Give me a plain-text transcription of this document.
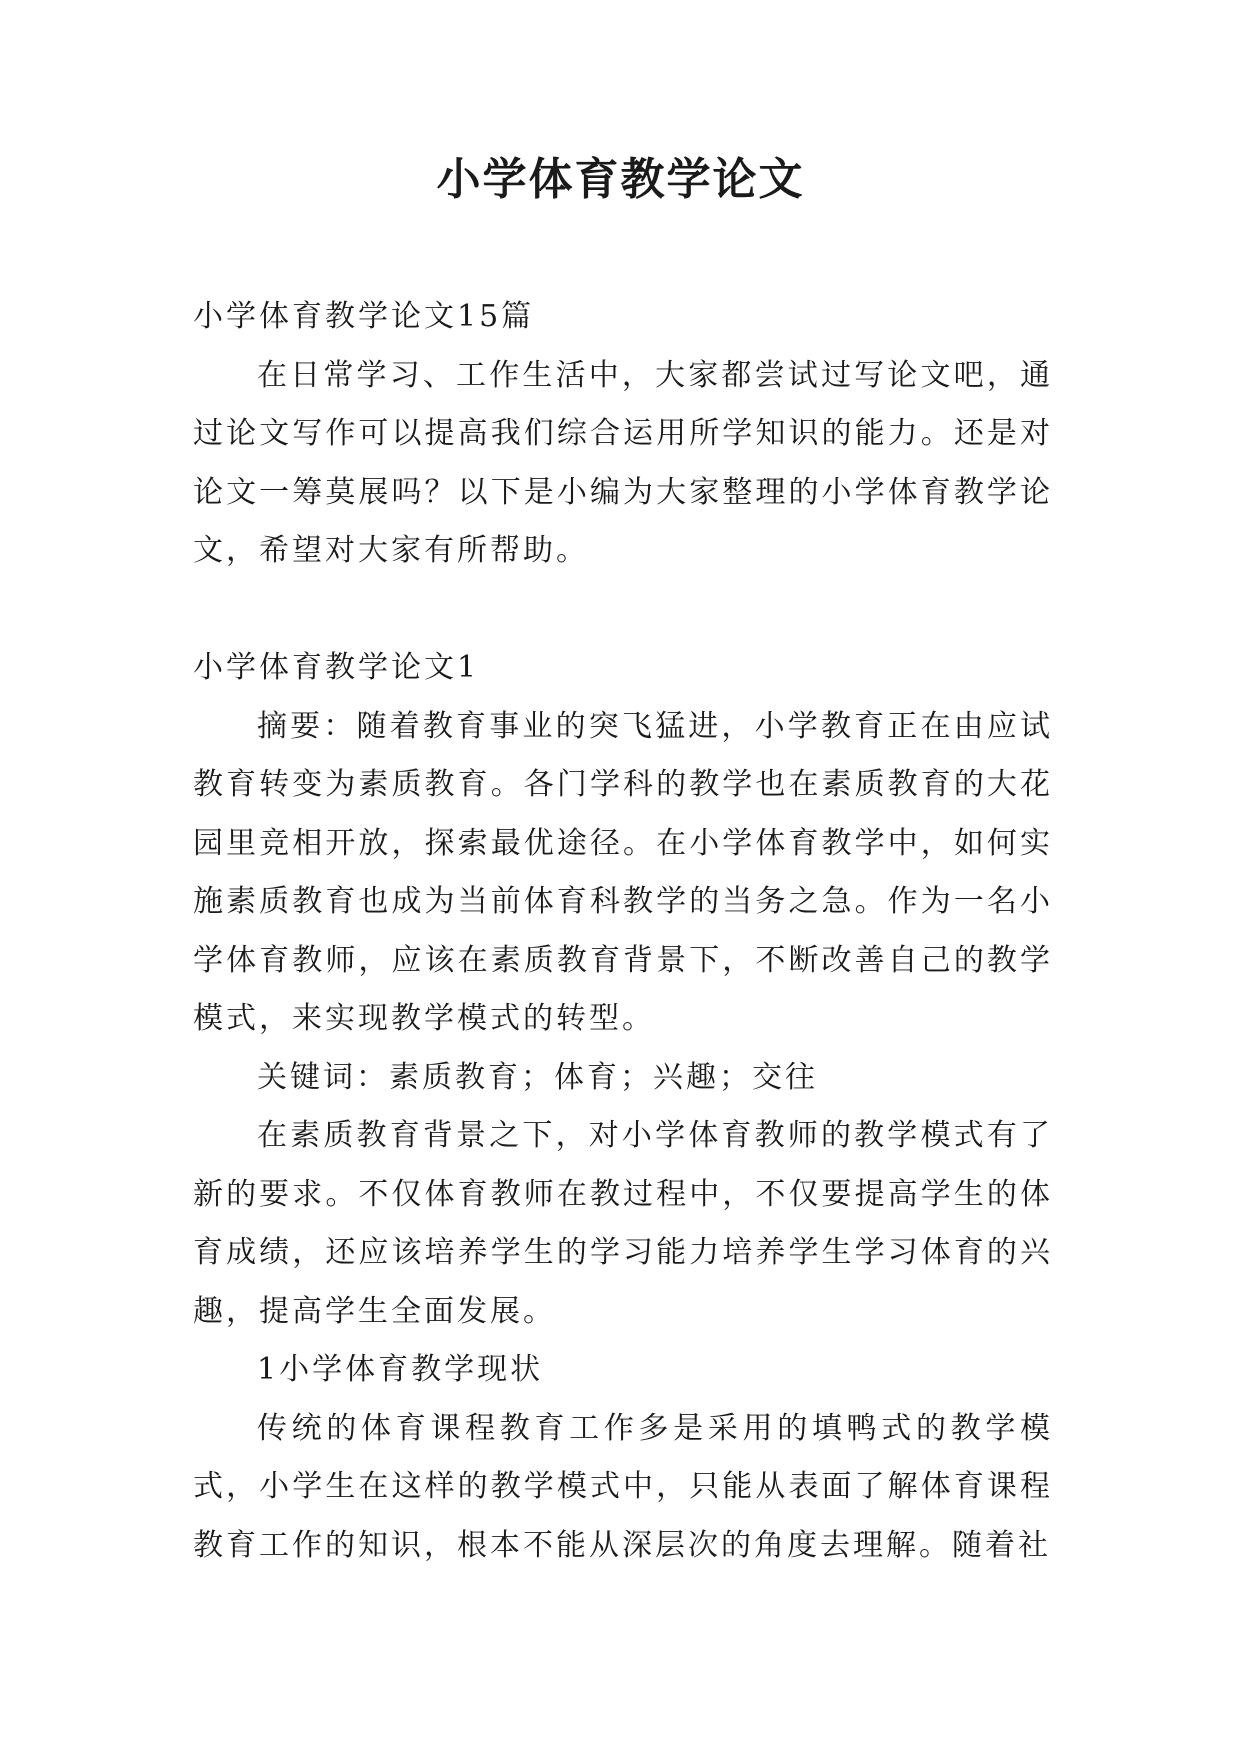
小学体育教学论文

小学体育教学论文15篇

在日常学习、工作生活中，大家都尝试过写论文吧，通过论文写作可以提高我们综合运用所学知识的能力。还是对论文一筹莫展吗？以下是小编为大家整理的小学体育教学论文，希望对大家有所帮助。

小学体育教学论文1

摘要：随着教育事业的突飞猛进，小学教育正在由应试教育转变为素质教育。各门学科的教学也在素质教育的大花园里竞相开放，探索最优途径。在小学体育教学中，如何实施素质教育也成为当前体育科教学的当务之急。作为一名小学体育教师，应该在素质教育背景下，不断改善自己的教学模式，来实现教学模式的转型。

关键词：素质教育；体育；兴趣；交往

在素质教育背景之下，对小学体育教师的教学模式有了新的要求。不仅体育教师在教过程中，不仅要提高学生的体育成绩，还应该培养学生的学习能力培养学生学习体育的兴趣，提高学生全面发展。

1小学体育教学现状

传统的体育课程教育工作多是采用的填鸭式的教学模式，小学生在这样的教学模式中，只能从表面了解体育课程教育工作的知识，根本不能从深层次的角度去理解。随着社
